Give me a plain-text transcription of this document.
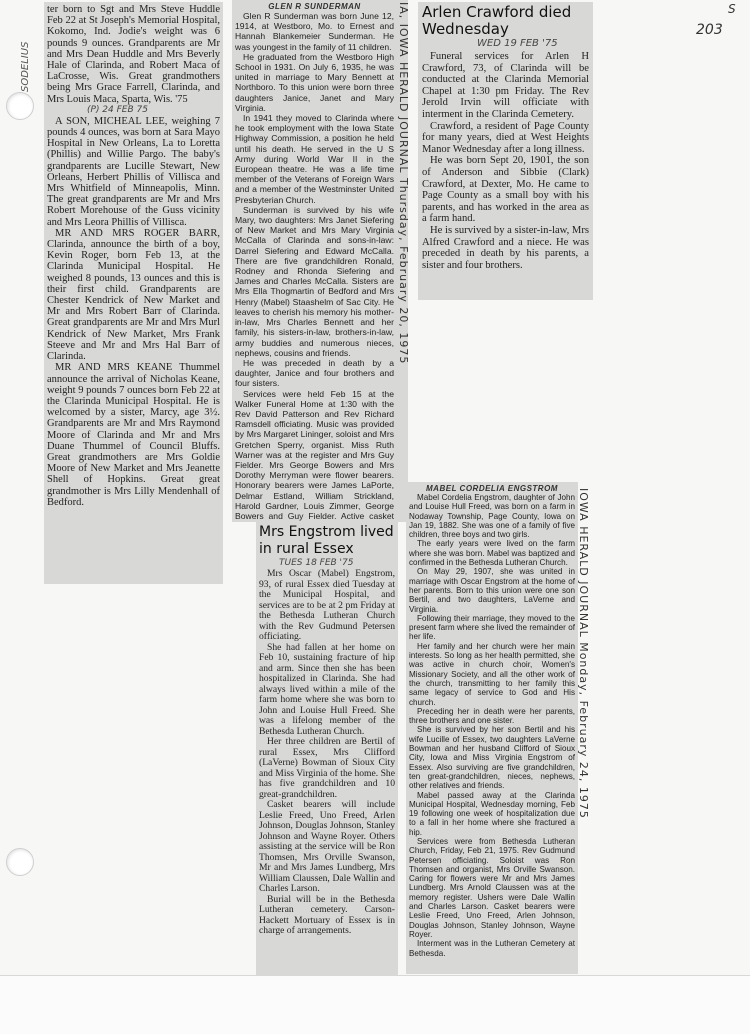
S
203

ter born to Sgt and Mrs Steve Huddle Feb 22 at St Joseph's Memorial Hospital, Kokomo, Ind. Jodie's weight was 6 pounds 9 ounces. Grandparents are Mr and Mrs Dean Huddle and Mrs Beverly Hale of Clarinda, and Robert Maca of LaCrosse, Wis. Great grandmothers being Mrs Grace Farrell, Clarinda, and Mrs Louis Maca, Sparta, Wis. '75

(P) 24 FEB 75

A SON, MICHEAL LEE, weighing 7 pounds 4 ounces, was born at Sara Mayo Hospital in New Orleans, La to Loretta (Phillis) and Willie Pargo. The baby's grandparents are Lucille Stewart, New Orleans, Herbert Phillis of Villisca and Mrs Whitfield of Minneapolis, Minn. The great grandparents are Mr and Mrs Robert Morehouse of the Guss vicinity and Mrs Leora Phillis of Villisca.

MR AND MRS ROGER BARR, Clarinda, announce the birth of a boy, Kevin Roger, born Feb 13, at the Clarinda Municipal Hospital. He weighed 8 pounds, 13 ounces and this is their first child. Grandparents are Chester Kendrick of New Market and Mr and Mrs Robert Barr of Clarinda. Great grandparents are Mr and Mrs Murl Kendrick of New Market, Mrs Frank Steeve and Mr and Mrs Hal Barr of Clarinda.

MR AND MRS KEANE Thummel announce the arrival of Nicholas Keane, weight 9 pounds 7 ounces born Feb 22 at the Clarinda Municipal Hospital. He is welcomed by a sister, Marcy, age 3½. Grandparents are Mr and Mrs Raymond Moore of Clarinda and Mr and Mrs Duane Thummel of Council Bluffs. Great grandmothers are Mrs Goldie Moore of New Market and Mrs Jeanette Shell of Hopkins. Great great grandmother is Mrs Lilly Mendenhall of Bedford.

SODELIUS
GLEN R SUNDERMAN

Glen R Sunderman was born June 12, 1914, at Westboro, Mo. to Ernest and Hannah Blankemeier Sunderman. He was youngest in the family of 11 children.

He graduated from the Westboro High School in 1931. On July 6, 1935, he was united in marriage to Mary Bennett at Northboro. To this union were born three daughters Janice, Janet and Mary Virginia.

In 1941 they moved to Clarinda where he took employment with the Iowa State Highway Commission, a position he held until his death. He served in the U S Army during World War II in the European theatre. He was a life time member of the Veterans of Foreign Wars and a member of the Westminster United Presbyterian Church.

Sunderman is survived by his wife Mary, two daughters: Mrs Janet Siefering of New Market and Mrs Mary Virginia McCalla of Clarinda and sons-in-law: Darrel Siefering and Edward McCalla. There are five grandchildren Ronald, Rodney and Rhonda Siefering and James and Charles McCalla. Sisters are Mrs Ella Thogmartin of Bedford and Mrs Henry (Mabel) Staashelm of Sac City. He leaves to cherish his memory his mother-in-law, Mrs Charles Bennett and her family, his sisters-in-law, brothers-in-law, army buddies and numerous nieces, nephews, cousins and friends.

He was preceded in death by a daughter, Janice and four brothers and four sisters.

Services were held Feb 15 at the Walker Funeral Home at 1:30 with the Rev David Patterson and Rev Richard Ramsdell officiating. Music was provided by Mrs Margaret Lininger, soloist and Mrs Gretchen Sperry, organist. Miss Ruth Warner was at the register and Mrs Guy Fielder. Mrs George Bowers and Mrs Dorothy Merryman were flower bearers. Honorary bearers were James LaPorte, Delmar Estland, William Strickland, Harold Gardner, Louis Zimmer, George Bowers and Guy Fielder. Active casket

IA, IOWA HERALD JOURNAL Thursday, February 20, 1975 Arlen Crawford died Wednesday
WED 19 FEB '75

Funeral services for Arlen H Crawford, 73, of Clarinda will be conducted at the Clarinda Memorial Chapel at 1:30 pm Friday. The Rev Jerold Irvin will officiate with interment in the Clarinda Cemetery.

Crawford, a resident of Page County for many years, died at West Heights Manor Wednesday after a long illness.

He was born Sept 20, 1901, the son of Anderson and Sibbie (Clark) Crawford, at Dexter, Mo. He came to Page County as a small boy with his parents, and has worked in the area as a farm hand.

He is survived by a sister-in-law, Mrs Alfred Crawford and a niece. He was preceded in death by his parents, a sister and four brothers.

Mrs Engstrom lived in rural Essex
TUES 18 FEB '75

Mrs Oscar (Mabel) Engstrom, 93, of rural Essex died Tuesday at the Municipal Hospital, and services are to be at 2 pm Friday at the Bethesda Lutheran Church with the Rev Gudmund Petersen officiating.

She had fallen at her home on Feb 10, sustaining fracture of hip and arm. Since then she has been hospitalized in Clarinda. She had always lived within a mile of the farm home where she was born to John and Louise Hull Freed. She was a lifelong member of the Bethesda Lutheran Church.

Her three children are Bertil of rural Essex, Mrs Clifford (LaVerne) Bowman of Sioux City and Miss Virginia of the home. She has five grandchildren and 10 great-grandchildren.

Casket bearers will include Leslie Freed, Uno Freed, Arlen Johnson, Douglas Johnson, Stanley Johnson and Wayne Royer. Others assisting at the service will be Ron Thomsen, Mrs Orville Swanson, Mr and Mrs James Lundberg, Mrs William Claussen, Dale Wallin and Charles Larson.

Burial will be in the Bethesda Lutheran cemetery. Carson-Hackett Mortuary of Essex is in charge of arrangements.

MABEL CORDELIA ENGSTROM

Mabel Cordelia Engstrom, daughter of John and Louise Hull Freed, was born on a farm in Nodaway Township, Page County, Iowa on Jan 19, 1882. She was one of a family of five children, three boys and two girls.

The early years were lived on the farm where she was born. Mabel was baptized and confirmed in the Bethesda Lutheran Church.

On May 29, 1907, she was united in marriage with Oscar Engstrom at the home of her parents. Born to this union were one son Bertil, and two daughters, LaVerne and Virginia.

Following their marriage, they moved to the present farm where she lived the remainder of her life.

Her family and her church were her main interests. So long as her health permitted, she was active in church choir, Women's Missionary Society, and all the other work of the church, transmitting to her family this same legacy of service to God and His church.

Preceding her in death were her parents, three brothers and one sister.

She is survived by her son Bertil and his wife Lucille of Essex, two daughters LaVerne Bowman and her husband Clifford of Sioux City, Iowa and Miss Virginia Engstrom of Essex. Also surviving are five grandchildren, ten great-grandchildren, nieces, nephews, other relatives and friends.

Mabel passed away at the Clarinda Municipal Hospital, Wednesday morning, Feb 19 following one week of hospitalization due to a fall in her home where she fractured a hip.

Services were from Bethesda Lutheran Church, Friday, Feb 21, 1975. Rev Gudmund Petersen officiating. Soloist was Ron Thomsen and organist, Mrs Orville Swanson. Caring for flowers were Mr and Mrs James Lundberg. Mrs Arnold Claussen was at the memory register. Ushers were Dale Wallin and Charles Larson. Casket bearers were Leslie Freed, Uno Freed, Arlen Johnson, Douglas Johnson, Stanley Johnson, Wayne Royer.

Interment was in the Lutheran Cemetery at Bethesda.

IOWA HERALD JOURNAL Monday, February 24, 1975
